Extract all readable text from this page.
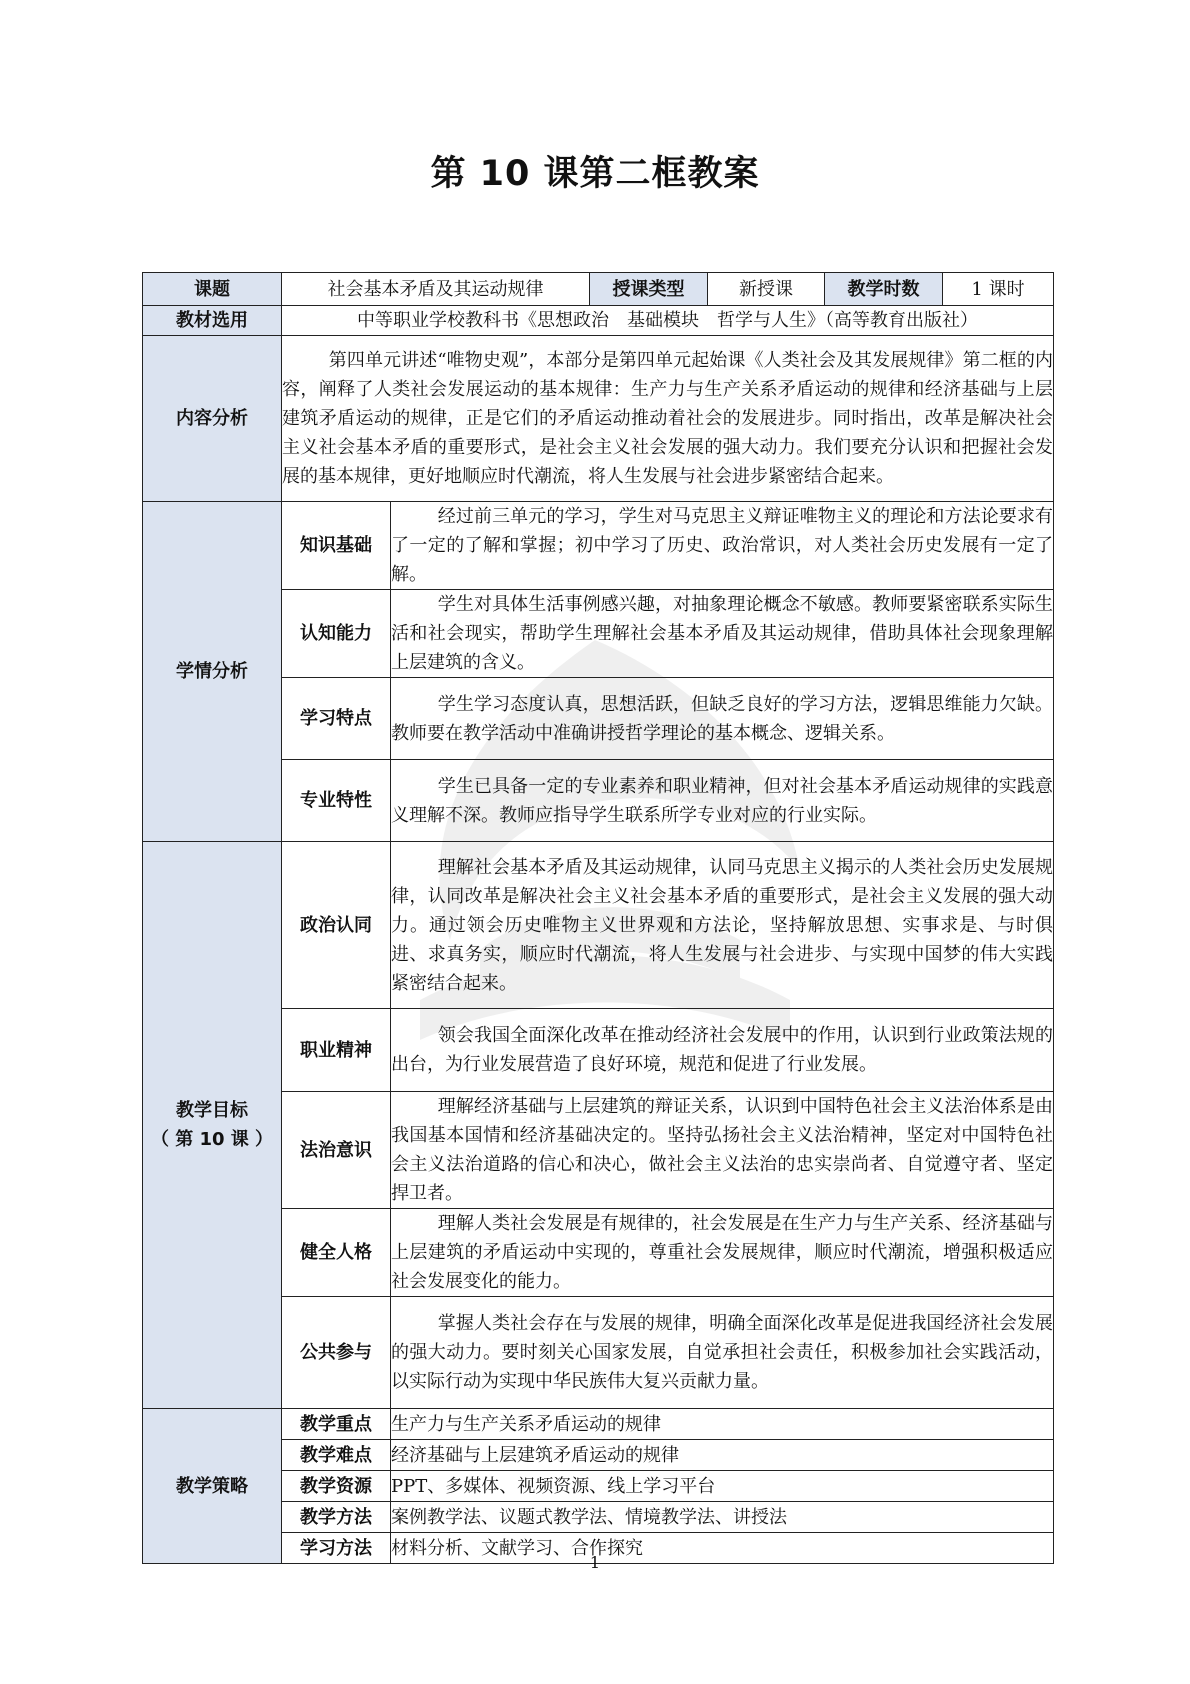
第 10 课第二框教案
课题	社会基本矛盾及其运动规律		授课类型	新授课	教学时数	1 课时
教材选用	中等职业学校教科书《思想政治　基础模块　哲学与人生》（高等教育出版社）					
内容分析	第四单元讲述“唯物史观”，本部分是第四单元起始课《人类社会及其发展规律》第二框的内容，阐释了人类社会发展运动的基本规律：生产力与生产关系矛盾运动的规律和经济基础与上层建筑矛盾运动的规律，正是它们的矛盾运动推动着社会的发展进步。同时指出，改革是解决社会主义社会基本矛盾的重要形式，是社会主义社会发展的强大动力。我们要充分认识和把握社会发展的基本规律，更好地顺应时代潮流，将人生发展与社会进步紧密结合起来。					

学情分析	知识基础	经过前三单元的学习，学生对马克思主义辩证唯物主义的理论和方法论要求有了一定的了解和掌握；初中学习了历史、政治常识，对人类社会历史发展有一定了解。				

	认知能力	学生对具体生活事例感兴趣，对抽象理论概念不敏感。教师要紧密联系实际生活和社会现实，帮助学生理解社会基本矛盾及其运动规律，借助具体社会现象理解上层建筑的含义。				

	学习特点	学生学习态度认真，思想活跃，但缺乏良好的学习方法，逻辑思维能力欠缺。教师要在教学活动中准确讲授哲学理论的基本概念、逻辑关系。				

	专业特性	学生已具备一定的专业素养和职业精神，但对社会基本矛盾运动规律的实践意义理解不深。教师应指导学生联系所学专业对应的行业实际。				

教学目标
（ 第 10 课 ）	政治认同	理解社会基本矛盾及其运动规律，认同马克思主义揭示的人类社会历史发展规律，认同改革是解决社会主义社会基本矛盾的重要形式，是社会主义发展的强大动力。通过领会历史唯物主义世界观和方法论，坚持解放思想、实事求是、与时俱进、求真务实，顺应时代潮流，将人生发展与社会进步、与实现中国梦的伟大实践紧密结合起来。				

	职业精神	领会我国全面深化改革在推动经济社会发展中的作用，认识到行业政策法规的出台，为行业发展营造了良好环境，规范和促进了行业发展。				

	法治意识	理解经济基础与上层建筑的辩证关系，认识到中国特色社会主义法治体系是由我国基本国情和经济基础决定的。坚持弘扬社会主义法治精神，坚定对中国特色社会主义法治道路的信心和决心，做社会主义法治的忠实崇尚者、自觉遵守者、坚定捍卫者。				

	健全人格	理解人类社会发展是有规律的，社会发展是在生产力与生产关系、经济基础与上层建筑的矛盾运动中实现的，尊重社会发展规律，顺应时代潮流，增强积极适应社会发展变化的能力。				

	公共参与	掌握人类社会存在与发展的规律，明确全面深化改革是促进我国经济社会发展的强大动力。要时刻关心国家发展，自觉承担社会责任，积极参加社会实践活动，以实际行动为实现中华民族伟大复兴贡献力量。				

教学策略	教学重点	生产力与生产关系矛盾运动的规律				
	教学难点	经济基础与上层建筑矛盾运动的规律				
	教学资源	PPT、多媒体、视频资源、线上学习平台				
	教学方法	案例教学法、议题式教学法、情境教学法、讲授法				
	学习方法	材料分析、文献学习、合作探究				
1
